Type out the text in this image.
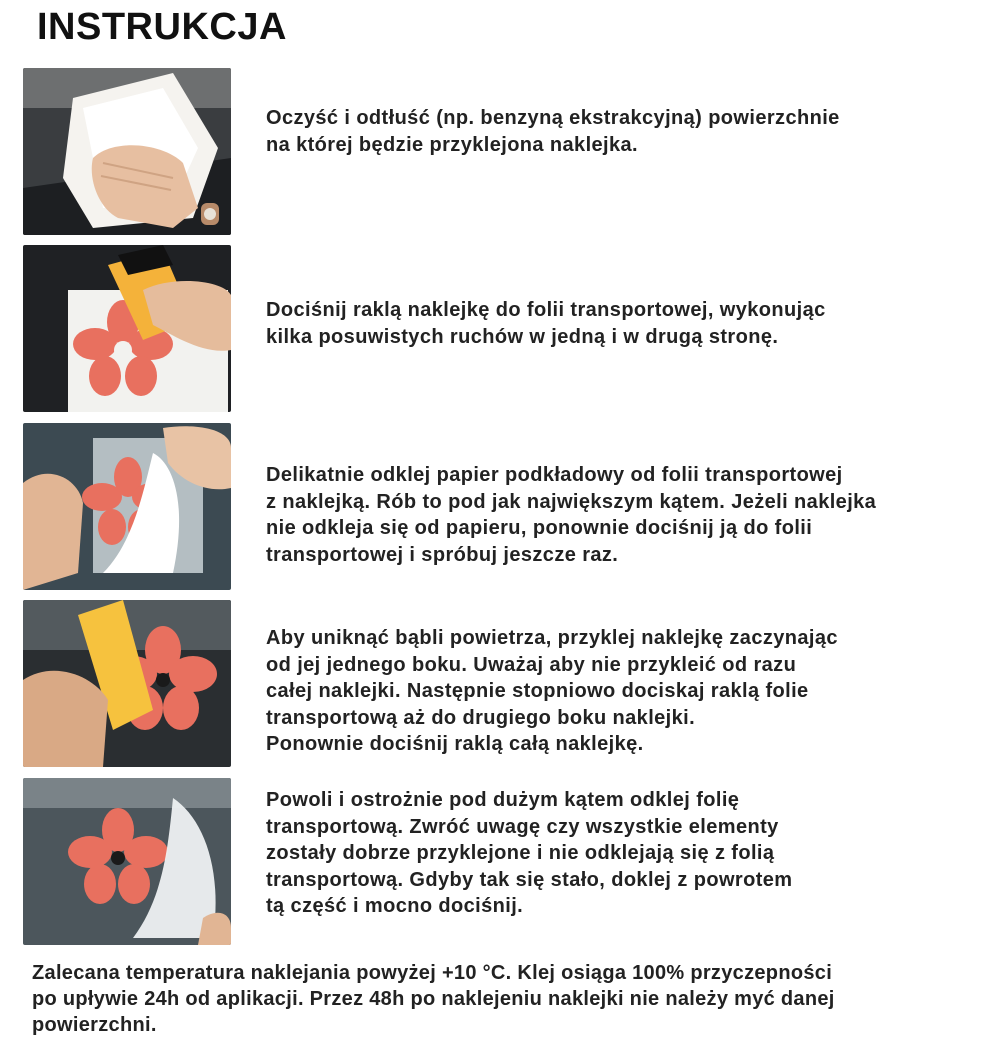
INSTRUKCJA
Oczyść i odtłuść (np. benzyną ekstrakcyjną) powierzchnie
na której będzie przyklejona naklejka.
Dociśnij raklą naklejkę do folii transportowej, wykonując
kilka posuwistych ruchów w jedną i w drugą stronę.
Delikatnie odklej papier podkładowy od folii transportowej
z naklejką. Rób to pod jak największym kątem. Jeżeli naklejka
nie odkleja się od papieru, ponownie dociśnij ją do folii
transportowej i spróbuj jeszcze raz.
Aby uniknąć bąbli powietrza, przyklej naklejkę zaczynając
od jej jednego boku. Uważaj aby nie przykleić od razu
całej naklejki. Następnie stopniowo dociskaj raklą folie
transportową aż do drugiego boku naklejki.
Ponownie dociśnij raklą całą naklejkę.
Powoli i ostrożnie pod dużym kątem odklej folię
transportową. Zwróć uwagę czy wszystkie elementy
zostały dobrze przyklejone i nie odklejają się z folią
transportową. Gdyby tak się stało, doklej z powrotem
tą część i mocno dociśnij.
Zalecana temperatura naklejania powyżej +10 °C. Klej osiąga 100% przyczepności
po upływie 24h od aplikacji. Przez 48h po naklejeniu naklejki nie należy myć danej
powierzchni.
